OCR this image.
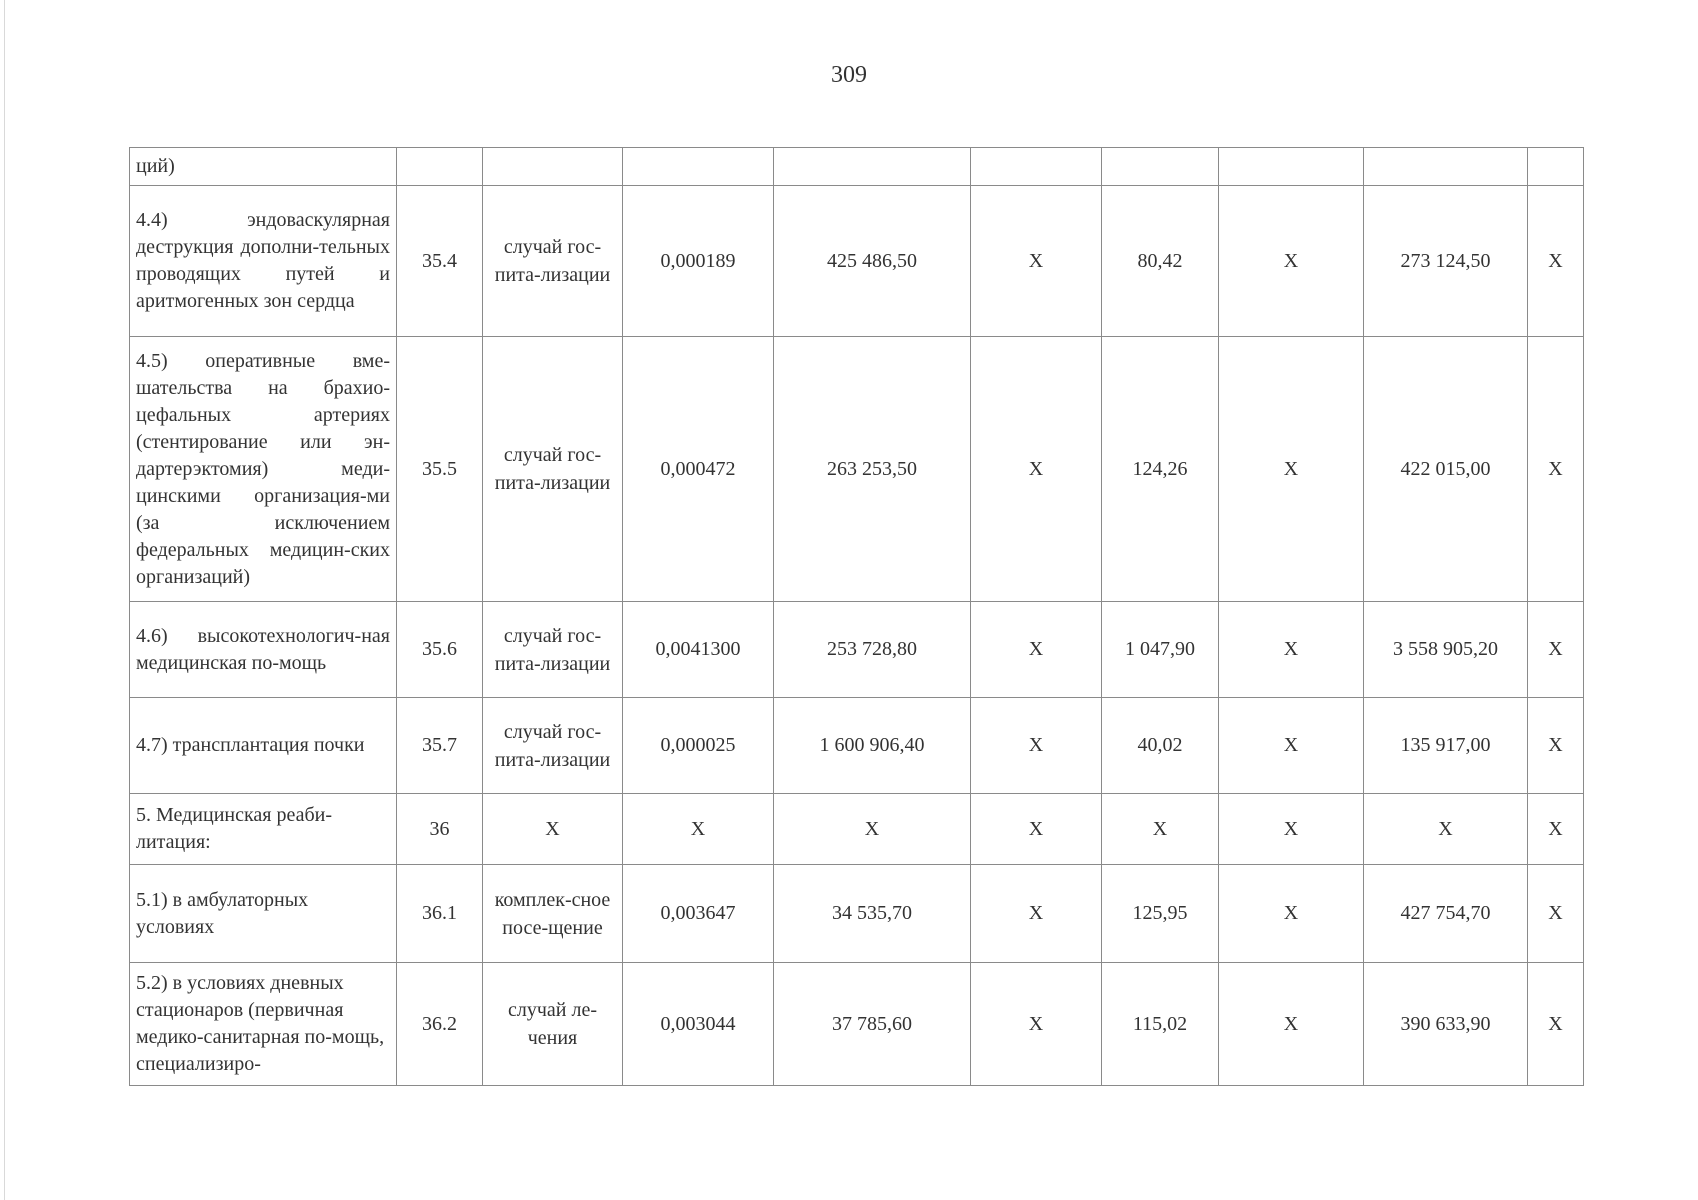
309
ций)									
4.4) эндоваскулярная деструкция дополни-тельных проводящих путей и аритмогенных зон сердца	35.4	случай гос-пита-лизации	0,000189	425 486,50	X	80,42	X	273 124,50	X
4.5) оперативные вме-шательства на брахио-цефальных артериях (стентирование или эн-дартерэктомия) меди-цинскими организация-ми (за исключением федеральных медицин-ских организаций)	35.5	случай гос-пита-лизации	0,000472	263 253,50	X	124,26	X	422 015,00	X
4.6) высокотехнологич-ная медицинская по-мощь	35.6	случай гос-пита-лизации	0,0041300	253 728,80	X	1 047,90	X	3 558 905,20	X
4.7) трансплантация почки	35.7	случай гос-пита-лизации	0,000025	1 600 906,40	X	40,02	X	135 917,00	X
5. Медицинская реаби-литация:	36	X	X	X	X	X	X	X	X
5.1) в амбулаторных условиях	36.1	комплек-сное посе-щение	0,003647	34 535,70	X	125,95	X	427 754,70	X
5.2) в условиях дневных стационаров (первичная медико-санитарная по-мощь, специализиро-	36.2	случай ле-чения	0,003044	37 785,60	X	115,02	X	390 633,90	X
